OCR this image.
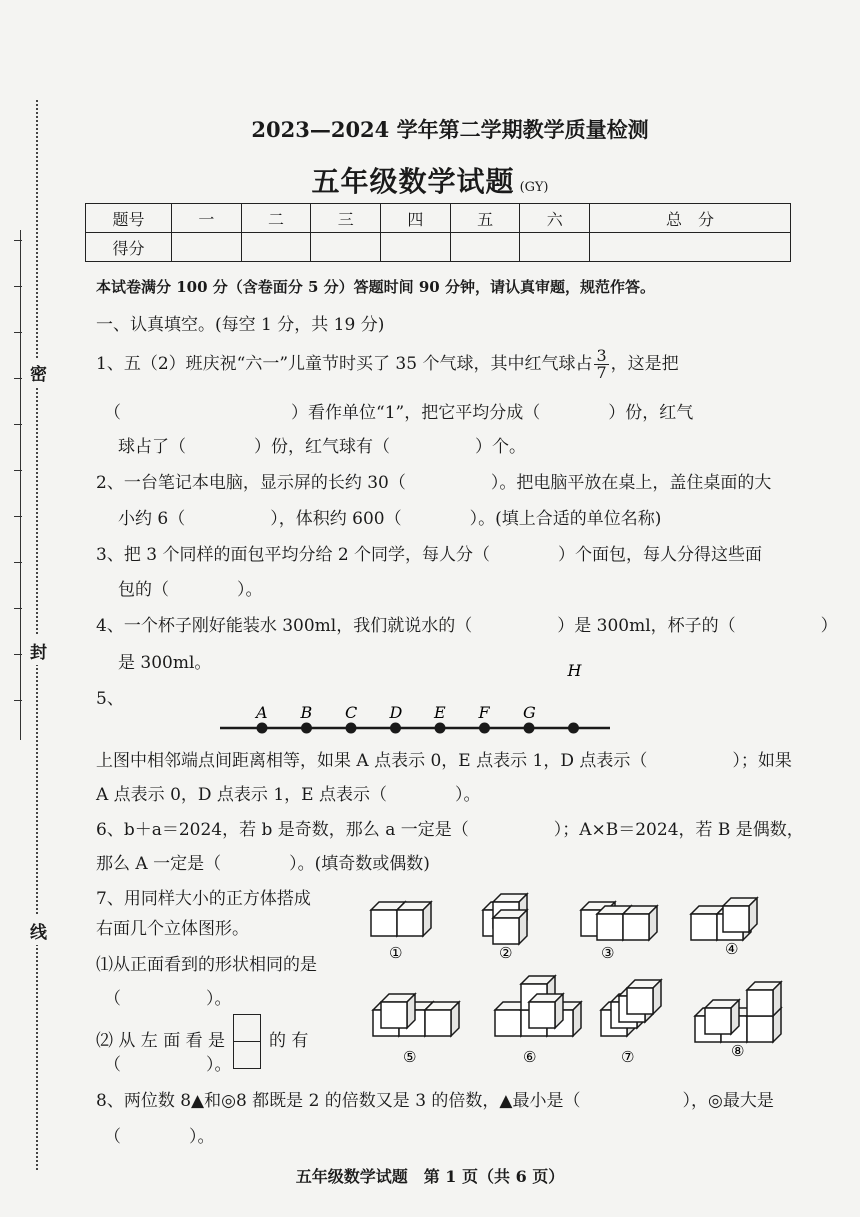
密
封
线
2023—2024 学年第二学期教学质量检测
五年级数学试题 (GY)
题号	一	二	三	四	五	六	总　分
得分							
本试卷满分 100 分（含卷面分 5 分）答题时间 90 分钟，请认真审题，规范作答。
一、认真填空。(每空 1 分，共 19 分)
1、五（2）班庆祝“六一”儿童节时买了 35 个气球，其中红气球占 $\frac{3}{7}$ ，这是把
（　　　　　　　　　　）看作单位“1”，把它平均分成（　　　　）份，红气
球占了（　　　　）份，红气球有（　　　　　）个。
2、一台笔记本电脑，显示屏的长约 30（　　　　　）。把电脑平放在桌上，盖住桌面的大
小约 6（　　　　　），体积约 600（　　　　）。(填上合适的单位名称)
3、把 3 个同样的面包平均分给 2 个同学，每人分（　　　　）个面包，每人分得这些面
包的（　　　　）。
4、一个杯子刚好能装水 300ml，我们就说水的（　　　　　）是 300ml，杯子的（　　　　　）
是 300ml。
5、
A B C D E F G
H
上图中相邻端点间距离相等，如果 A 点表示 0，E 点表示 1，D 点表示（　　　　　）；如果
A 点表示 0，D 点表示 1，E 点表示（　　　　）。
6、b＋a＝2024，若 b 是奇数，那么 a 一定是（　　　　　）；A×B＝2024，若 B 是偶数，
那么 A 一定是（　　　　）。(填奇数或偶数)
7、用同样大小的正方体搭成
右面几个立体图形。
⑴从正面看到的形状相同的是
（　　　　　）。
⑵ 从 左 面 看 是	的 有
（　　　　　）。
①	②	③	④
⑤	⑥	⑦	⑧
8、两位数 8▲和◎8 都既是 2 的倍数又是 3 的倍数，▲最小是（　　　　　　），◎最大是
（　　　　）。
五年级数学试题　第 1 页（共 6 页）
